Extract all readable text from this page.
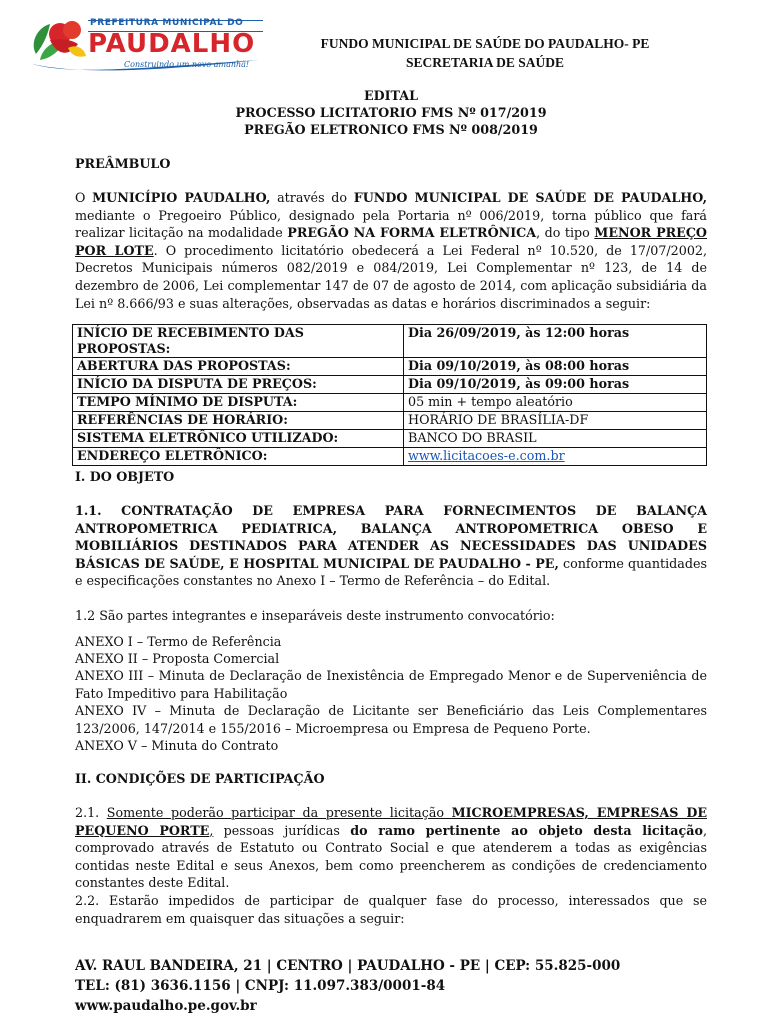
PREFEITURA MUNICIPAL DO
PAUDALHO
Construindo um novo amanhã!
FUNDO MUNICIPAL DE SAÚDE DO PAUDALHO- PE
SECRETARIA DE SAÚDE
EDITAL
PROCESSO LICITATORIO FMS Nº 017/2019
PREGÃO ELETRONICO FMS Nº 008/2019
PREÂMBULO

O MUNICÍPIO PAUDALHO, através do FUNDO MUNICIPAL DE SAÚDE DE PAUDALHO, mediante o Pregoeiro Público, designado pela Portaria nº 006/2019, torna público que fará realizar licitação na modalidade PREGÃO NA FORMA ELETRÔNICA, do tipo MENOR PREÇO POR LOTE. O procedimento licitatório obedecerá a Lei Federal nº 10.520, de 17/07/2002, Decretos Municipais números 082/2019 e 084/2019, Lei Complementar nº 123, de 14 de dezembro de 2006, Lei complementar 147 de 07 de agosto de 2014, com aplicação subsidiária da Lei nº 8.666/93 e suas alterações, observadas as datas e horários discriminados a seguir:

INÍCIO DE RECEBIMENTO DAS PROPOSTAS:	Dia 26/09/2019, às 12:00 horas
ABERTURA DAS PROPOSTAS:	Dia 09/10/2019, às 08:00 horas
INÍCIO DA DISPUTA DE PREÇOS:	Dia 09/10/2019, às 09:00 horas
TEMPO MÍNIMO DE DISPUTA:	05 min + tempo aleatório
REFERÊNCIAS DE HORÁRIO:	HORÁRIO DE BRASÍLIA-DF
SISTEMA ELETRÔNICO UTILIZADO:	BANCO DO BRASIL
ENDEREÇO ELETRÔNICO:	www.licitacoes-e.com.br
I. DO OBJETO

1.1. CONTRATAÇÃO DE EMPRESA PARA FORNECIMENTOS DE BALANÇA ANTROPOMETRICA PEDIATRICA, BALANÇA ANTROPOMETRICA OBESO E MOBILIÁRIOS DESTINADOS PARA ATENDER AS NECESSIDADES DAS UNIDADES BÁSICAS DE SAÚDE, E HOSPITAL MUNICIPAL DE PAUDALHO - PE, conforme quantidades e especificações constantes no Anexo I – Termo de Referência – do Edital.

1.2 São partes integrantes e inseparáveis deste instrumento convocatório:

ANEXO I – Termo de Referência

ANEXO II – Proposta Comercial

ANEXO III – Minuta de Declaração de Inexistência de Empregado Menor e de Superveniência de Fato Impeditivo para Habilitação

ANEXO IV – Minuta de Declaração de Licitante ser Beneficiário das Leis Complementares 123/2006, 147/2014 e 155/2016 – Microempresa ou Empresa de Pequeno Porte.

ANEXO V – Minuta do Contrato

II. CONDIÇÕES DE PARTICIPAÇÃO

2.1. Somente poderão participar da presente licitação MICROEMPRESAS, EMPRESAS DE PEQUENO PORTE, pessoas jurídicas do ramo pertinente ao objeto desta licitação, comprovado através de Estatuto ou Contrato Social e que atenderem a todas as exigências contidas neste Edital e seus Anexos, bem como preencherem as condições de credenciamento constantes deste Edital.

2.2. Estarão impedidos de participar de qualquer fase do processo, interessados que se enquadrarem em quaisquer das situações a seguir:

AV. RAUL BANDEIRA, 21 | CENTRO | PAUDALHO - PE | CEP: 55.825-000
TEL: (81) 3636.1156 | CNPJ: 11.097.383/0001-84
www.paudalho.pe.gov.br
